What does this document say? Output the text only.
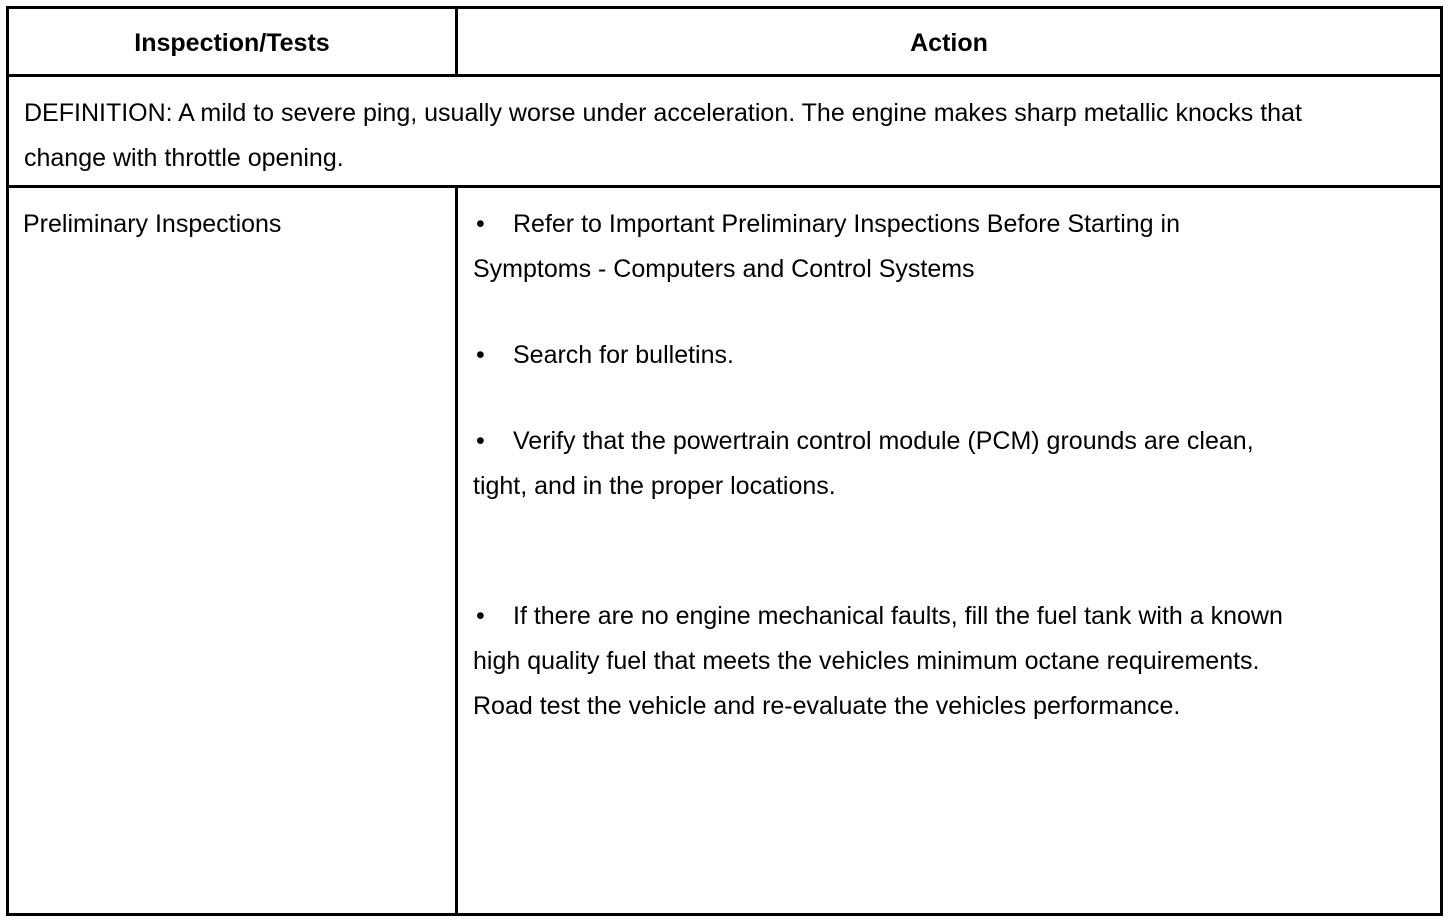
Inspection/Tests	Action
DEFINITION: A mild to severe ping, usually worse under acceleration. The engine makes sharp metallic knocks that change with throttle opening.
Preliminary Inspections	• Refer to Important Preliminary Inspections Before Starting in Symptoms - Computers and Control Systems
• Search for bulletins.
• Verify that the powertrain control module (PCM) grounds are clean, tight, and in the proper locations.
• If there are no engine mechanical faults, fill the fuel tank with a known high quality fuel that meets the vehicles minimum octane requirements. Road test the vehicle and re-evaluate the vehicles performance.
